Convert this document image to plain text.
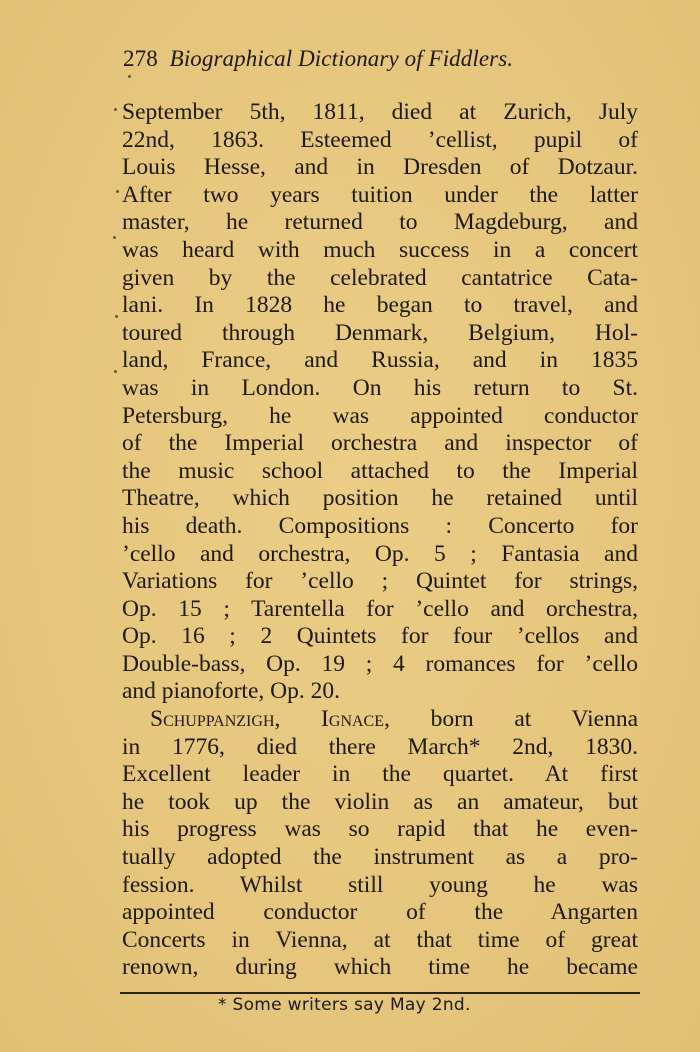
278 Biographical Dictionary of Fiddlers.
September 5th, 1811, died at Zurich, July
22nd, 1863. Esteemed ’cellist, pupil of
Louis Hesse, and in Dresden of Dotzaur.
After two years tuition under the latter
master, he returned to Magdeburg, and
was heard with much success in a concert
given by the celebrated cantatrice Cata-
lani. In 1828 he began to travel, and
toured through Denmark, Belgium, Hol-
land, France, and Russia, and in 1835
was in London. On his return to St.
Petersburg, he was appointed conductor
of the Imperial orchestra and inspector of
the music school attached to the Imperial
Theatre, which position he retained until
his death. Compositions : Concerto for
’cello and orchestra, Op. 5 ; Fantasia and
Variations for ’cello ; Quintet for strings,
Op. 15 ; Tarentella for ’cello and orchestra,
Op. 16 ; 2 Quintets for four ’cellos and
Double-bass, Op. 19 ; 4 romances for ’cello
and pianoforte, Op. 20.
Schuppanzigh, Ignace, born at Vienna
in 1776, died there March* 2nd, 1830.
Excellent leader in the quartet. At first
he took up the violin as an amateur, but
his progress was so rapid that he even-
tually adopted the instrument as a pro-
fession. Whilst still young he was
appointed conductor of the Angarten
Concerts in Vienna, at that time of great
renown, during which time he became
* Some writers say May 2nd.
